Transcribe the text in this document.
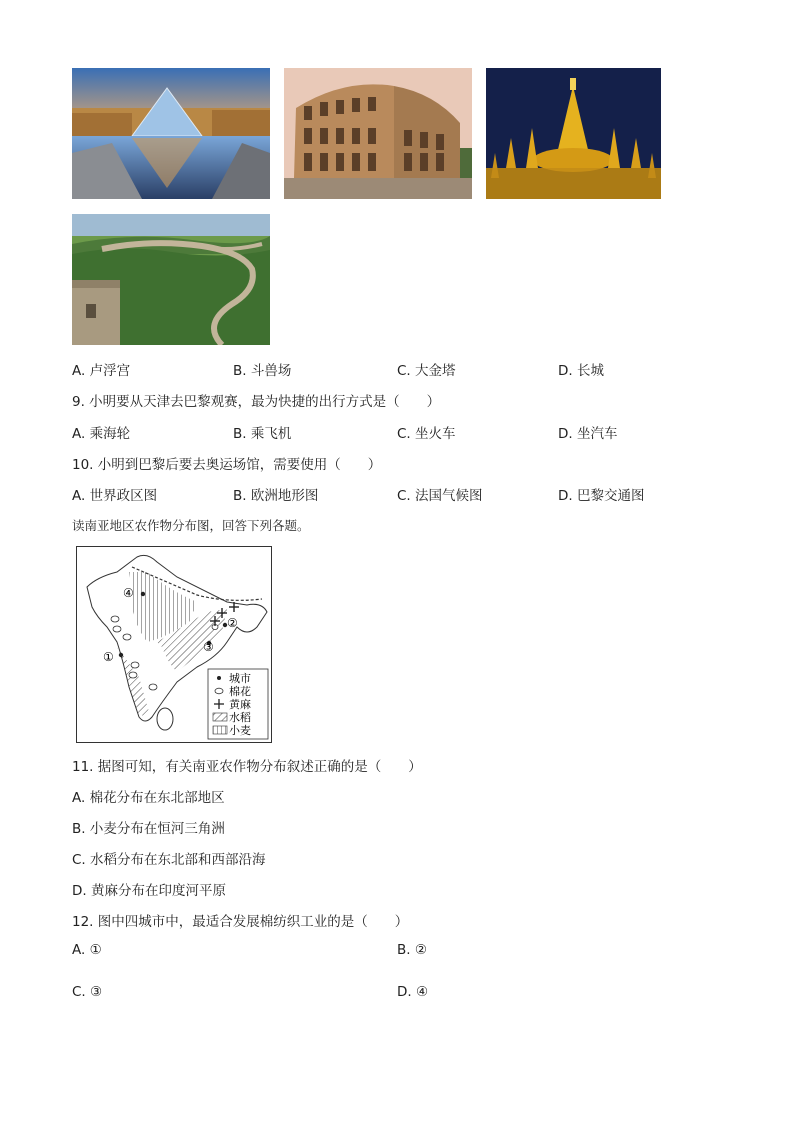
A. 卢浮宫	B. 斗兽场	C. 大金塔	D. 长城
9. 小明要从天津去巴黎观赛，最为快捷的出行方式是（　　）
A. 乘海轮	B. 乘飞机	C. 坐火车	D. 坐汽车
10. 小明到巴黎后要去奥运场馆，需要使用（　　）
A. 世界政区图	B. 欧洲地形图	C. 法国气候图	D. 巴黎交通图
读南亚地区农作物分布图，回答下列各题。
①
②
③
④
城市
棉花
黄麻
水稻
小麦
11. 据图可知，有关南亚农作物分布叙述正确的是（　　）
A. 棉花分布在东北部地区
B. 小麦分布在恒河三角洲
C. 水稻分布在东北部和西部沿海
D. 黄麻分布在印度河平原
12. 图中四城市中，最适合发展棉纺织工业的是（　　）
A. ①	B. ②
C. ③	D. ④
